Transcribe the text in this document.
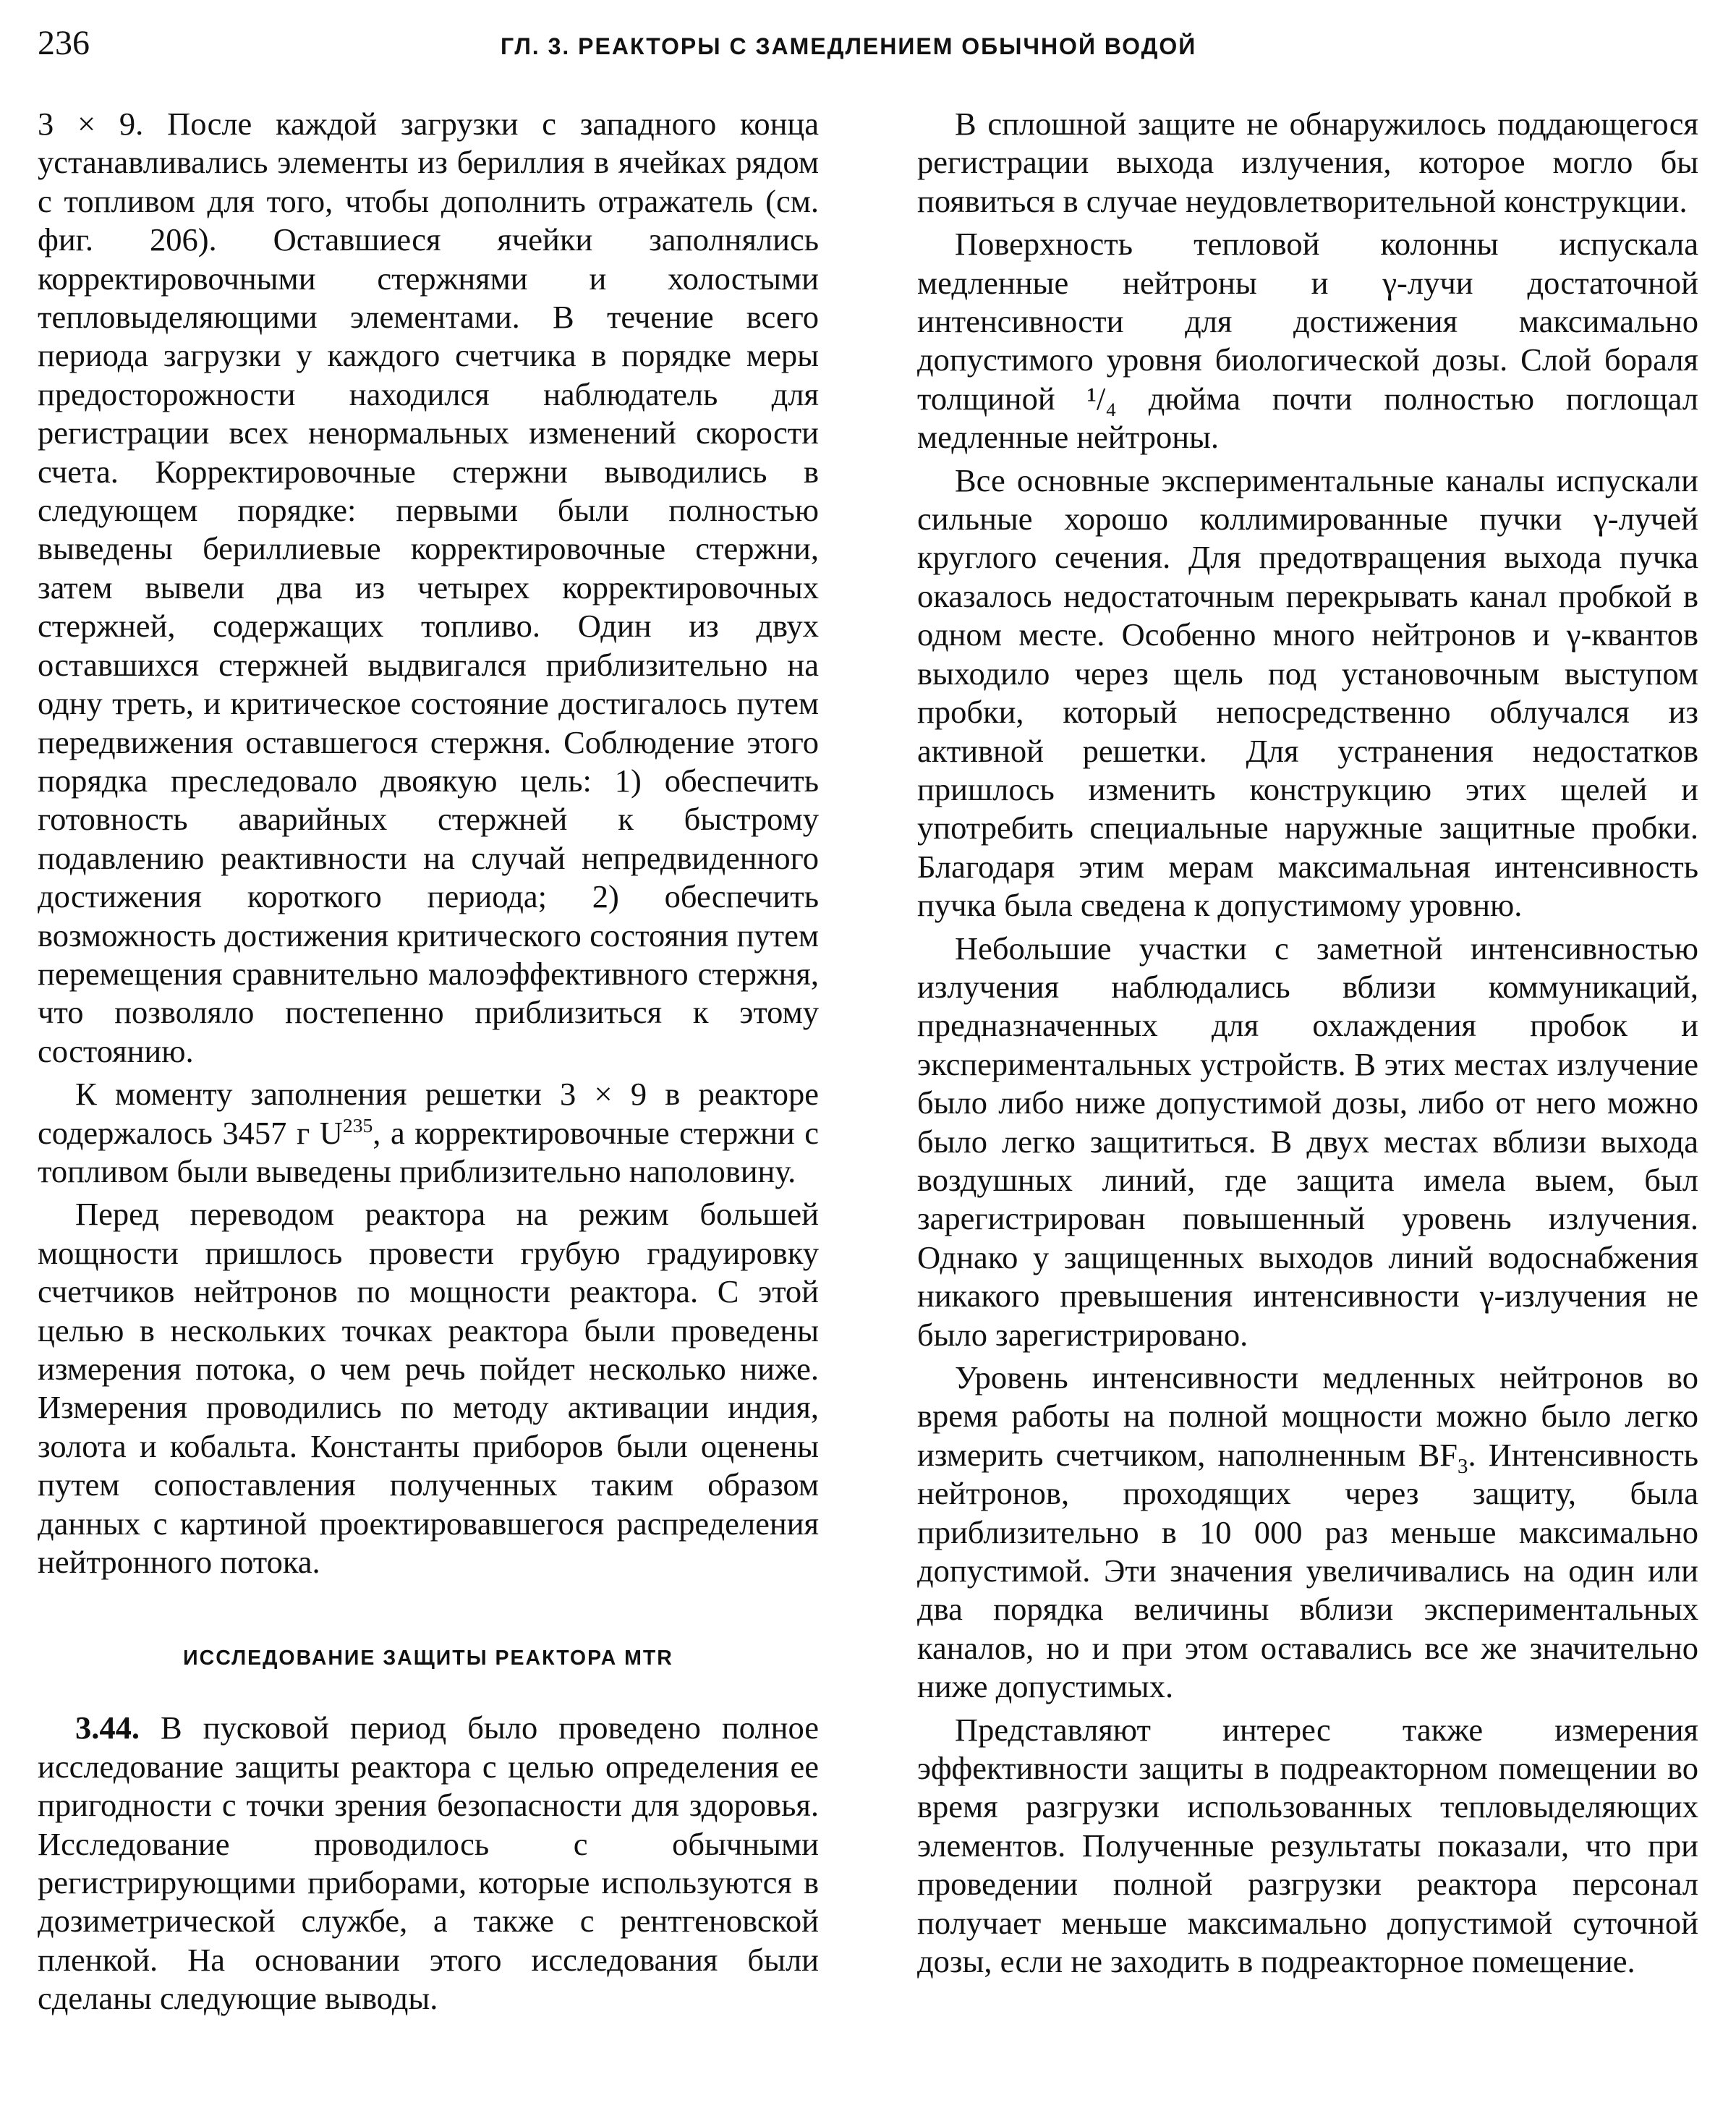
236	ГЛ. 3. РЕАКТОРЫ С ЗАМЕДЛЕНИЕМ ОБЫЧНОЙ ВОДОЙ

3 × 9. После каждой загрузки с западного конца устанавливались элементы из бериллия в ячейках рядом с топливом для того, чтобы дополнить отражатель (см. фиг. 206). Оставшиеся ячейки заполнялись корректировочными стержнями и холостыми тепловыделяющими элементами. В течение всего периода загрузки у каждого счетчика в порядке меры предосторожности находился наблюдатель для регистрации всех ненормальных изменений скорости счета. Корректировочные стержни выводились в следующем порядке: первыми были полностью выведены бериллиевые корректировочные стержни, затем вывели два из четырех корректировочных стержней, содержащих топливо. Один из двух оставшихся стержней выдвигался приблизительно на одну треть, и критическое состояние достигалось путем передвижения оставшегося стержня. Соблюдение этого порядка преследовало двоякую цель: 1) обеспечить готовность аварийных стержней к быстрому подавлению реактивности на случай непредвиденного достижения короткого периода; 2) обеспечить возможность достижения критического состояния путем перемещения сравнительно малоэффективного стержня, что позволяло постепенно приблизиться к этому состоянию.

К моменту заполнения решетки 3 × 9 в реакторе содержалось 3457 г $U^{235}$, а корректировочные стержни с топливом были выведены приблизительно наполовину.

Перед переводом реактора на режим большей мощности пришлось провести грубую градуировку счетчиков нейтронов по мощности реактора. С этой целью в нескольких точках реактора были проведены измерения потока, о чем речь пойдет несколько ниже. Измерения проводились по методу активации индия, золота и кобальта. Константы приборов были оценены путем сопоставления полученных таким образом данных с картиной проектировавшегося распределения нейтронного потока.

ИССЛЕДОВАНИЕ ЗАЩИТЫ РЕАКТОРА MTR

3.44. В пусковой период было проведено полное исследование защиты реактора с целью определения ее пригодности с точки зрения безопасности для здоровья. Исследование проводилось с обычными регистрирующими приборами, которые используются в дозиметрической службе, а также с рентгеновской пленкой. На основании этого исследования были сделаны следующие выводы.

В сплошной защите не обнаружилось поддающегося регистрации выхода излучения, которое могло бы появиться в случае неудовлетворительной конструкции.

Поверхность тепловой колонны испускала медленные нейтроны и γ-лучи достаточной интенсивности для достижения максимально допустимого уровня биологической дозы. Слой бораля толщиной ¹/₄ дюйма почти полностью поглощал медленные нейтроны.

Все основные экспериментальные каналы испускали сильные хорошо коллимированные пучки γ-лучей круглого сечения. Для предотвращения выхода пучка оказалось недостаточным перекрывать канал пробкой в одном месте. Особенно много нейтронов и γ-квантов выходило через щель под установочным выступом пробки, который непосредственно облучался из активной решетки. Для устранения недостатков пришлось изменить конструкцию этих щелей и употребить специальные наружные защитные пробки. Благодаря этим мерам максимальная интенсивность пучка была сведена к допустимому уровню.

Небольшие участки с заметной интенсивностью излучения наблюдались вблизи коммуникаций, предназначенных для охлаждения пробок и экспериментальных устройств. В этих местах излучение было либо ниже допустимой дозы, либо от него можно было легко защититься. В двух местах вблизи выхода воздушных линий, где защита имела выем, был зарегистрирован повышенный уровень излучения. Однако у защищенных выходов линий водоснабжения никакого превышения интенсивности γ-излучения не было зарегистрировано.

Уровень интенсивности медленных нейтронов во время работы на полной мощности можно было легко измерить счетчиком, наполненным $BF_3$. Интенсивность нейтронов, проходящих через защиту, была приблизительно в 10 000 раз меньше максимально допустимой. Эти значения увеличивались на один или два порядка величины вблизи экспериментальных каналов, но и при этом оставались все же значительно ниже допустимых.

Представляют интерес также измерения эффективности защиты в подреакторном помещении во время разгрузки использованных тепловыделяющих элементов. Полученные результаты показали, что при проведении полной разгрузки реактора персонал получает меньше максимально допустимой суточной дозы, если не заходить в подреакторное помещение.
